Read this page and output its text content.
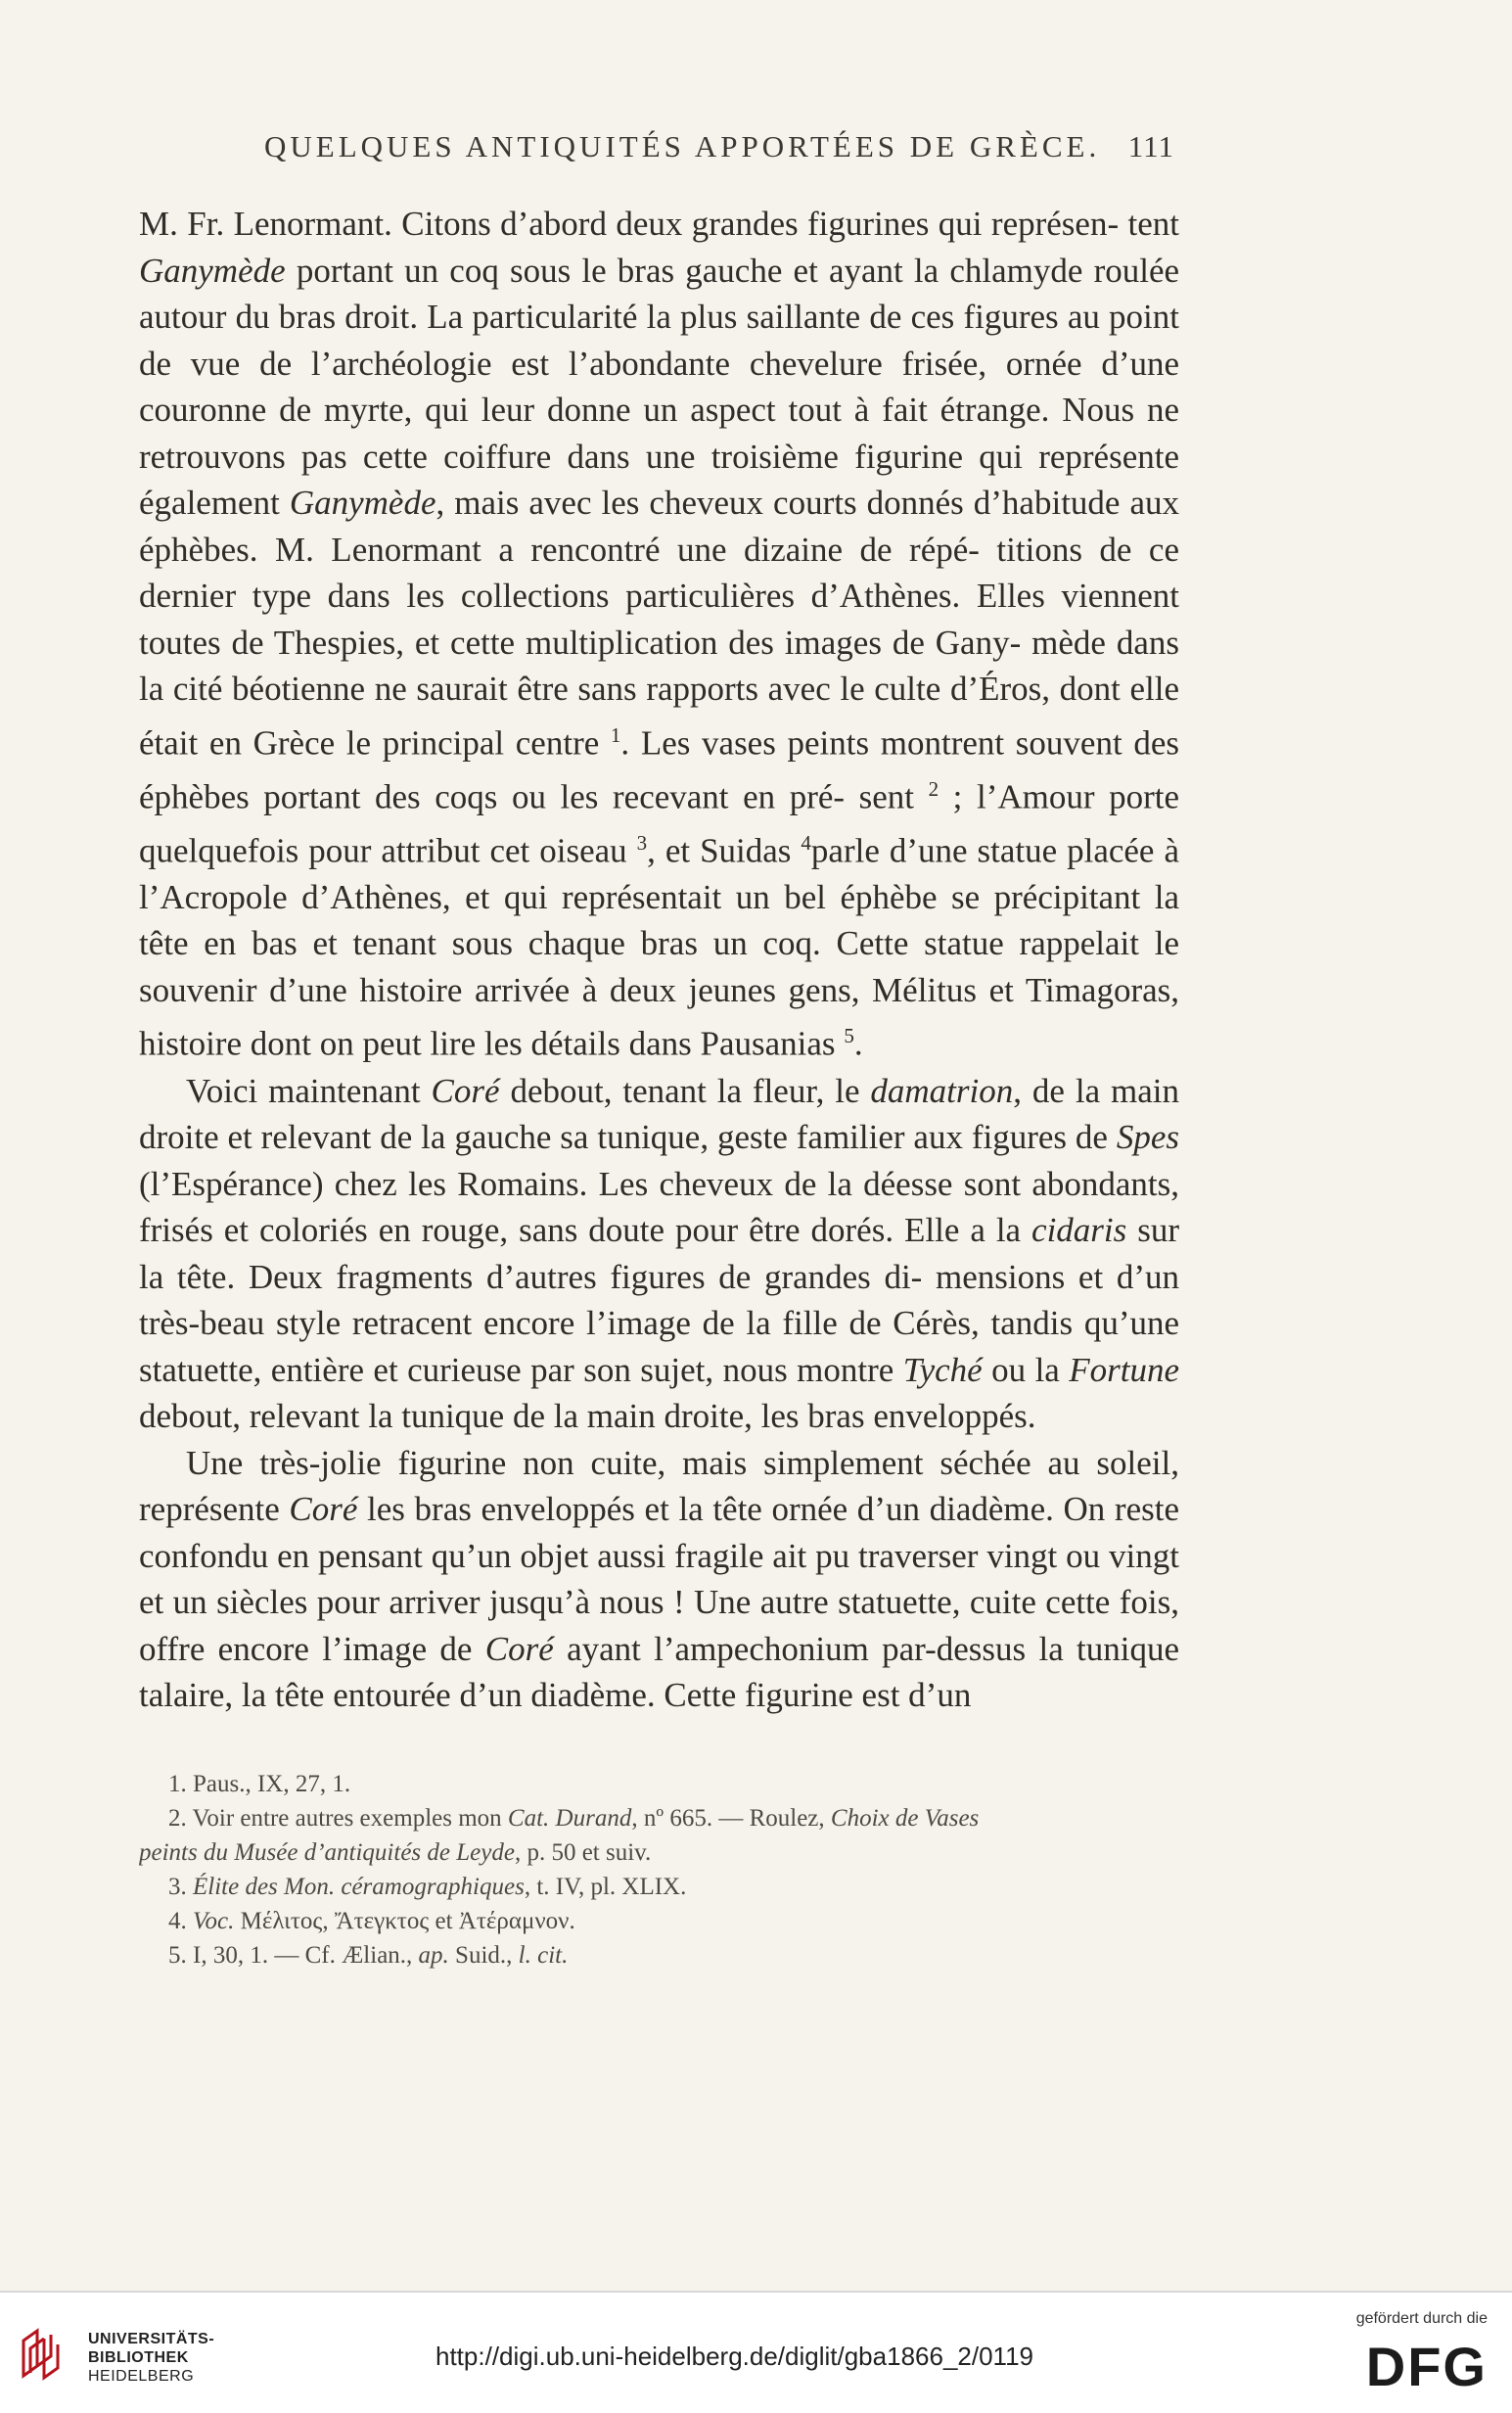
QUELQUES ANTIQUITÉS APPORTÉES DE GRÈCE. 111

M. Fr. Lenormant. Citons d’abord deux grandes figurines qui représen- tent Ganymède portant un coq sous le bras gauche et ayant la chlamyde roulée autour du bras droit. La particularité la plus saillante de ces figures au point de vue de l’archéologie est l’abondante chevelure frisée, ornée d’une couronne de myrte, qui leur donne un aspect tout à fait étrange. Nous ne retrouvons pas cette coiffure dans une troisième figurine qui représente également Ganymède, mais avec les cheveux courts donnés d’habitude aux éphèbes. M. Lenormant a rencontré une dizaine de répé- titions de ce dernier type dans les collections particulières d’Athènes. Elles viennent toutes de Thespies, et cette multiplication des images de Gany- mède dans la cité béotienne ne saurait être sans rapports avec le culte d’Éros, dont elle était en Grèce le principal centre $^1$. Les vases peints montrent souvent des éphèbes portant des coqs ou les recevant en pré- sent $^2$ ; l’Amour porte quelquefois pour attribut cet oiseau $^3$, et Suidas $^4$parle d’une statue placée à l’Acropole d’Athènes, et qui représentait un bel éphèbe se précipitant la tête en bas et tenant sous chaque bras un coq. Cette statue rappelait le souvenir d’une histoire arrivée à deux jeunes gens, Mélitus et Timagoras, histoire dont on peut lire les détails dans Pausanias $^5$.

Voici maintenant Coré debout, tenant la fleur, le damatrion, de la main droite et relevant de la gauche sa tunique, geste familier aux figures de Spes (l’Espérance) chez les Romains. Les cheveux de la déesse sont abondants, frisés et coloriés en rouge, sans doute pour être dorés. Elle a la cidaris sur la tête. Deux fragments d’autres figures de grandes di- mensions et d’un très-beau style retracent encore l’image de la fille de Cérès, tandis qu’une statuette, entière et curieuse par son sujet, nous montre Tyché ou la Fortune debout, relevant la tunique de la main droite, les bras enveloppés.

Une très-jolie figurine non cuite, mais simplement séchée au soleil, représente Coré les bras enveloppés et la tête ornée d’un diadème. On reste confondu en pensant qu’un objet aussi fragile ait pu traverser vingt ou vingt et un siècles pour arriver jusqu’à nous ! Une autre statuette, cuite cette fois, offre encore l’image de Coré ayant l’ampechonium par-dessus la tunique talaire, la tête entourée d’un diadème. Cette figurine est d’un

1. Paus., IX, 27, 1.
2. Voir entre autres exemples mon Cat. Durand, nº 665. — Roulez, Choix de Vases
peints du Musée d’antiquités de Leyde, p. 50 et suiv.
3. Élite des Mon. céramographiques, t. IV, pl. XLIX.
4. Voc. Μέλιτος, Ἄτεγκτος et Ἀτέραμνον.
5. I, 30, 1. — Cf. Ælian., ap. Suid., l. cit.
UNIVERSITÄTS-
BIBLIOTHEK
HEIDELBERG
http://digi.ub.uni-heidelberg.de/diglit/gba1866_2/0119
gefördert durch die
DFG
